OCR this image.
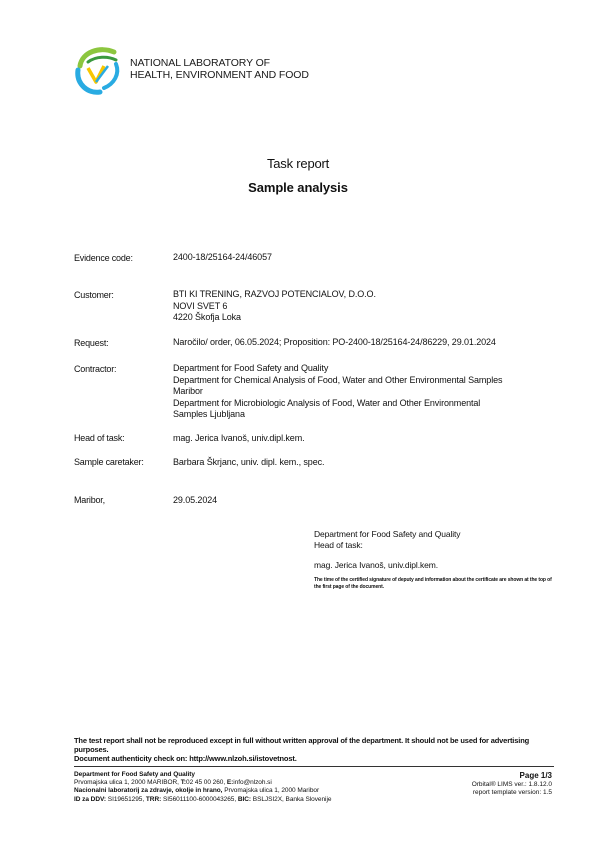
NATIONAL LABORATORY OF
HEALTH, ENVIRONMENT AND FOOD
Task report
Sample analysis
Evidence code:	2400-18/25164-24/46057
Customer:	BTI KI TRENING, RAZVOJ POTENCIALOV, D.O.O.
NOVI SVET 6
4220 Škofja Loka
Request:	Naročilo/ order, 06.05.2024; Proposition: PO-2400-18/25164-24/86229, 29.01.2024
Contractor:	Department for Food Safety and Quality
Department for Chemical Analysis of Food, Water and Other Environmental Samples
Maribor
Department for Microbiologic Analysis of Food, Water and Other Environmental
Samples Ljubljana
Head of task:	mag. Jerica Ivanoš, univ.dipl.kem.
Sample caretaker:	Barbara Škrjanc, univ. dipl. kem., spec.
Maribor,	29.05.2024
Department for Food Safety and Quality
Head of task:
mag. Jerica Ivanoš, univ.dipl.kem.
The time of the certified signature of deputy and information about the certificate are shown at the top of the first page of the document.
The test report shall not be reproduced except in full without written approval of the department. It should not be used for advertising
purposes.
Document authenticity check on: http://www.nlzoh.si/istovetnost.
Department for Food Safety and Quality
Prvomajska ulica 1, 2000 MARIBOR, T:02 45 00 260, E:info@nlzoh.si
Nacionalni laboratorij za zdravje, okolje in hrano, Prvomajska ulica 1, 2000 Maribor
ID za DDV: SI19651295, TRR: SI56011100-6000043265, BIC: BSLJSI2X, Banka Slovenije
Page 1/3
Orbital® LIMS ver.: 1.8.12.0
report template version: 1.5
